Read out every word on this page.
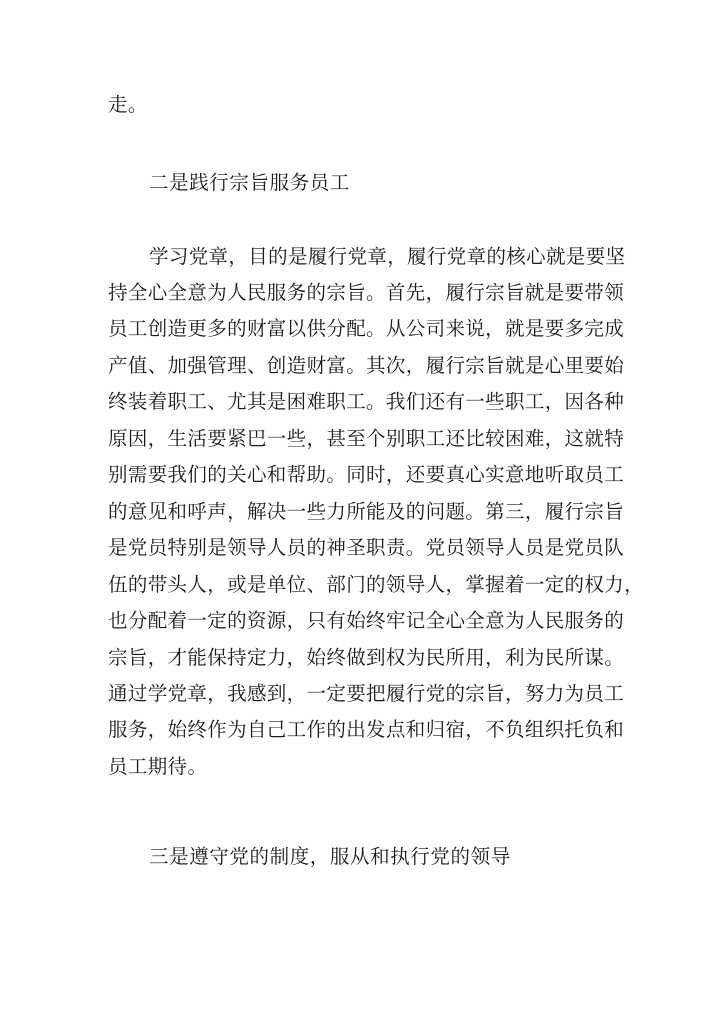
走。

二是践行宗旨服务员工

学习党章，目的是履行党章，履行党章的核心就是要坚

持全心全意为人民服务的宗旨。首先，履行宗旨就是要带领

员工创造更多的财富以供分配。从公司来说，就是要多完成

产值、加强管理、创造财富。其次，履行宗旨就是心里要始

终装着职工、尤其是困难职工。我们还有一些职工，因各种

原因，生活要紧巴一些，甚至个别职工还比较困难，这就特

别需要我们的关心和帮助。同时，还要真心实意地听取员工

的意见和呼声，解决一些力所能及的问题。第三，履行宗旨

是党员特别是领导人员的神圣职责。党员领导人员是党员队

伍的带头人，或是单位、部门的领导人，掌握着一定的权力，

也分配着一定的资源，只有始终牢记全心全意为人民服务的

宗旨，才能保持定力，始终做到权为民所用，利为民所谋。

通过学党章，我感到，一定要把履行党的宗旨，努力为员工

服务，始终作为自己工作的出发点和归宿，不负组织托负和

员工期待。

三是遵守党的制度，服从和执行党的领导
